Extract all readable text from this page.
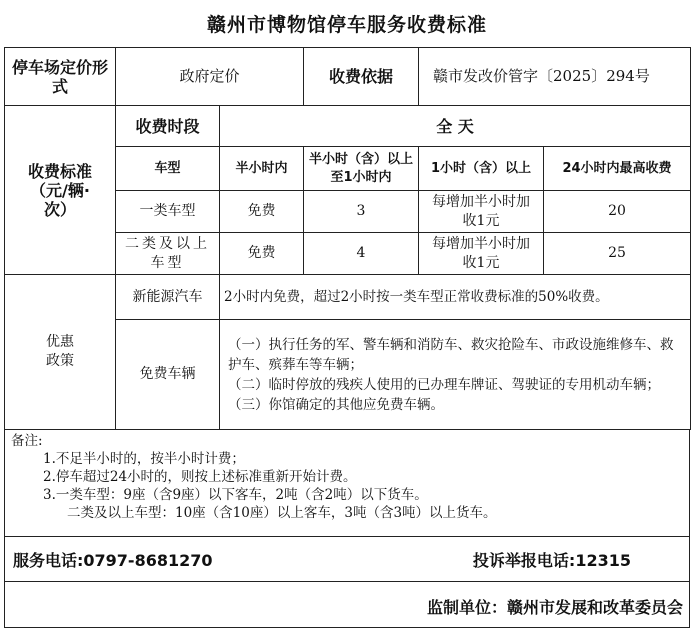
赣州市博物馆停车服务收费标准
停车场定价形式	政府定价		收费依据	赣市发改价管字〔2025〕294号	
收费标准（元/辆·次）	收费时段	全 天			
	车型	半小时内	半小时（含）以上至1小时内	1小时（含）以上	24小时内最高收费
	一类车型	免费	3	每增加半小时加收1元	20
	二类及以上车型	免费	4	每增加半小时加收1元	25
优惠政策	新能源汽车	2小时内免费，超过2小时按一类车型正常收费标准的50%收费。			
	免费车辆	（一）执行任务的军、警车辆和消防车、救灾抢险车、市政设施维修车、救护车、殡葬车等车辆；
（二）临时停放的残疾人使用的已办理车牌证、驾驶证的专用机动车辆；
（三）你馆确定的其他应免费车辆。			
备注:
1.不足半小时的，按半小时计费；
2.停车超过24小时的，则按上述标准重新开始计费。
3.一类车型：9座（含9座）以下客车，2吨（含2吨）以下货车。
二类及以上车型：10座（含10座）以上客车，3吨（含3吨）以上货车。
服务电话:0797-8681270	投诉举报电话:12315
监制单位：赣州市发展和改革委员会
